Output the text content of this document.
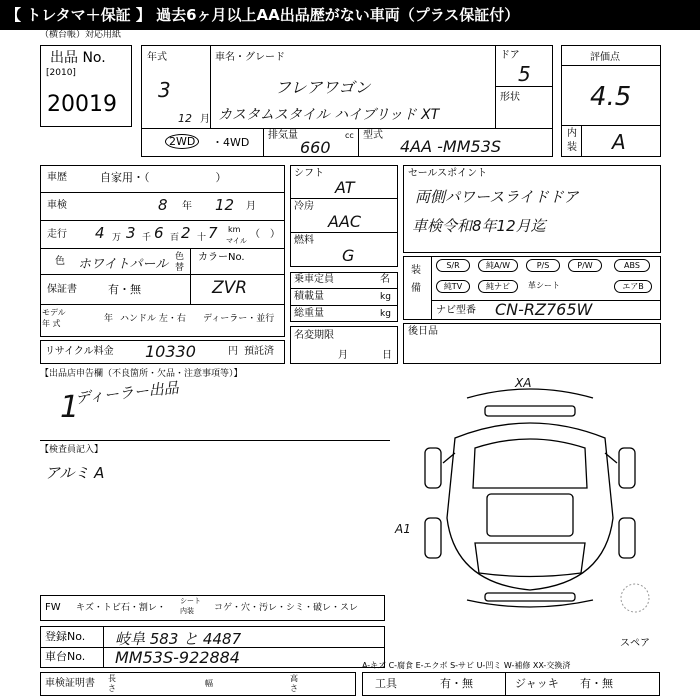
【 トレタマ＋保証 】 過去6ヶ月以上AA出品歴がない車両（プラス保証付）
（横台帳）対応用紙
出品 No.
[2010]
20019
年式
3
12 月
車名・グレード
フレアワゴン
カスタムスタイル ハイブリッド XT
2WD	・4WD
排気量	cc
660
型式
4AA -MM53S
ドア
5
形状
評価点
4.5
内
装 A
車歴	自家用・（　　　　　　）
車検	8 年 12 月
走行 4 万 3 千 6 百 2 十 7 km
マイル
（　）
色 ホワイトパール 色
替
カラーNo.
ZVR
保証書	有・無
モデル
年 式	年 ハンドル 左・右 ディーラー・並行
リサイクル料金 10330	円 預託済
シフト
AT
冷房
AAC
燃料
G
乗車定員	名
積載量	kg
総重量	kg
名変期限
月	日
セールスポイント
両側パワースライドドア
車検令和8年12月迄
装
備
S/R	純A/W	P/S	P/W	ABS
純TV	純ナビ	革シート	エアB
ナビ型番 CN-RZ765W
後日品
【出品店申告欄（不良箇所・欠品・注意事項等）】
1
ディーラー出品
【検査員記入】
アルミ A
XA
A1
スペア
FW キズ・トビ石・割レ・
シート内装	コゲ・穴・汚レ・シミ・破レ・スレ
登録No. 岐阜 583 と 4487
車台No. MM53S-922884	A-キズ C-腐食 E-エクボ S-サビ U-凹ミ W-補修 XX-交換済
車検証明書 長
さ
幅
高
さ	工具	有・無	ジャッキ 有・無
